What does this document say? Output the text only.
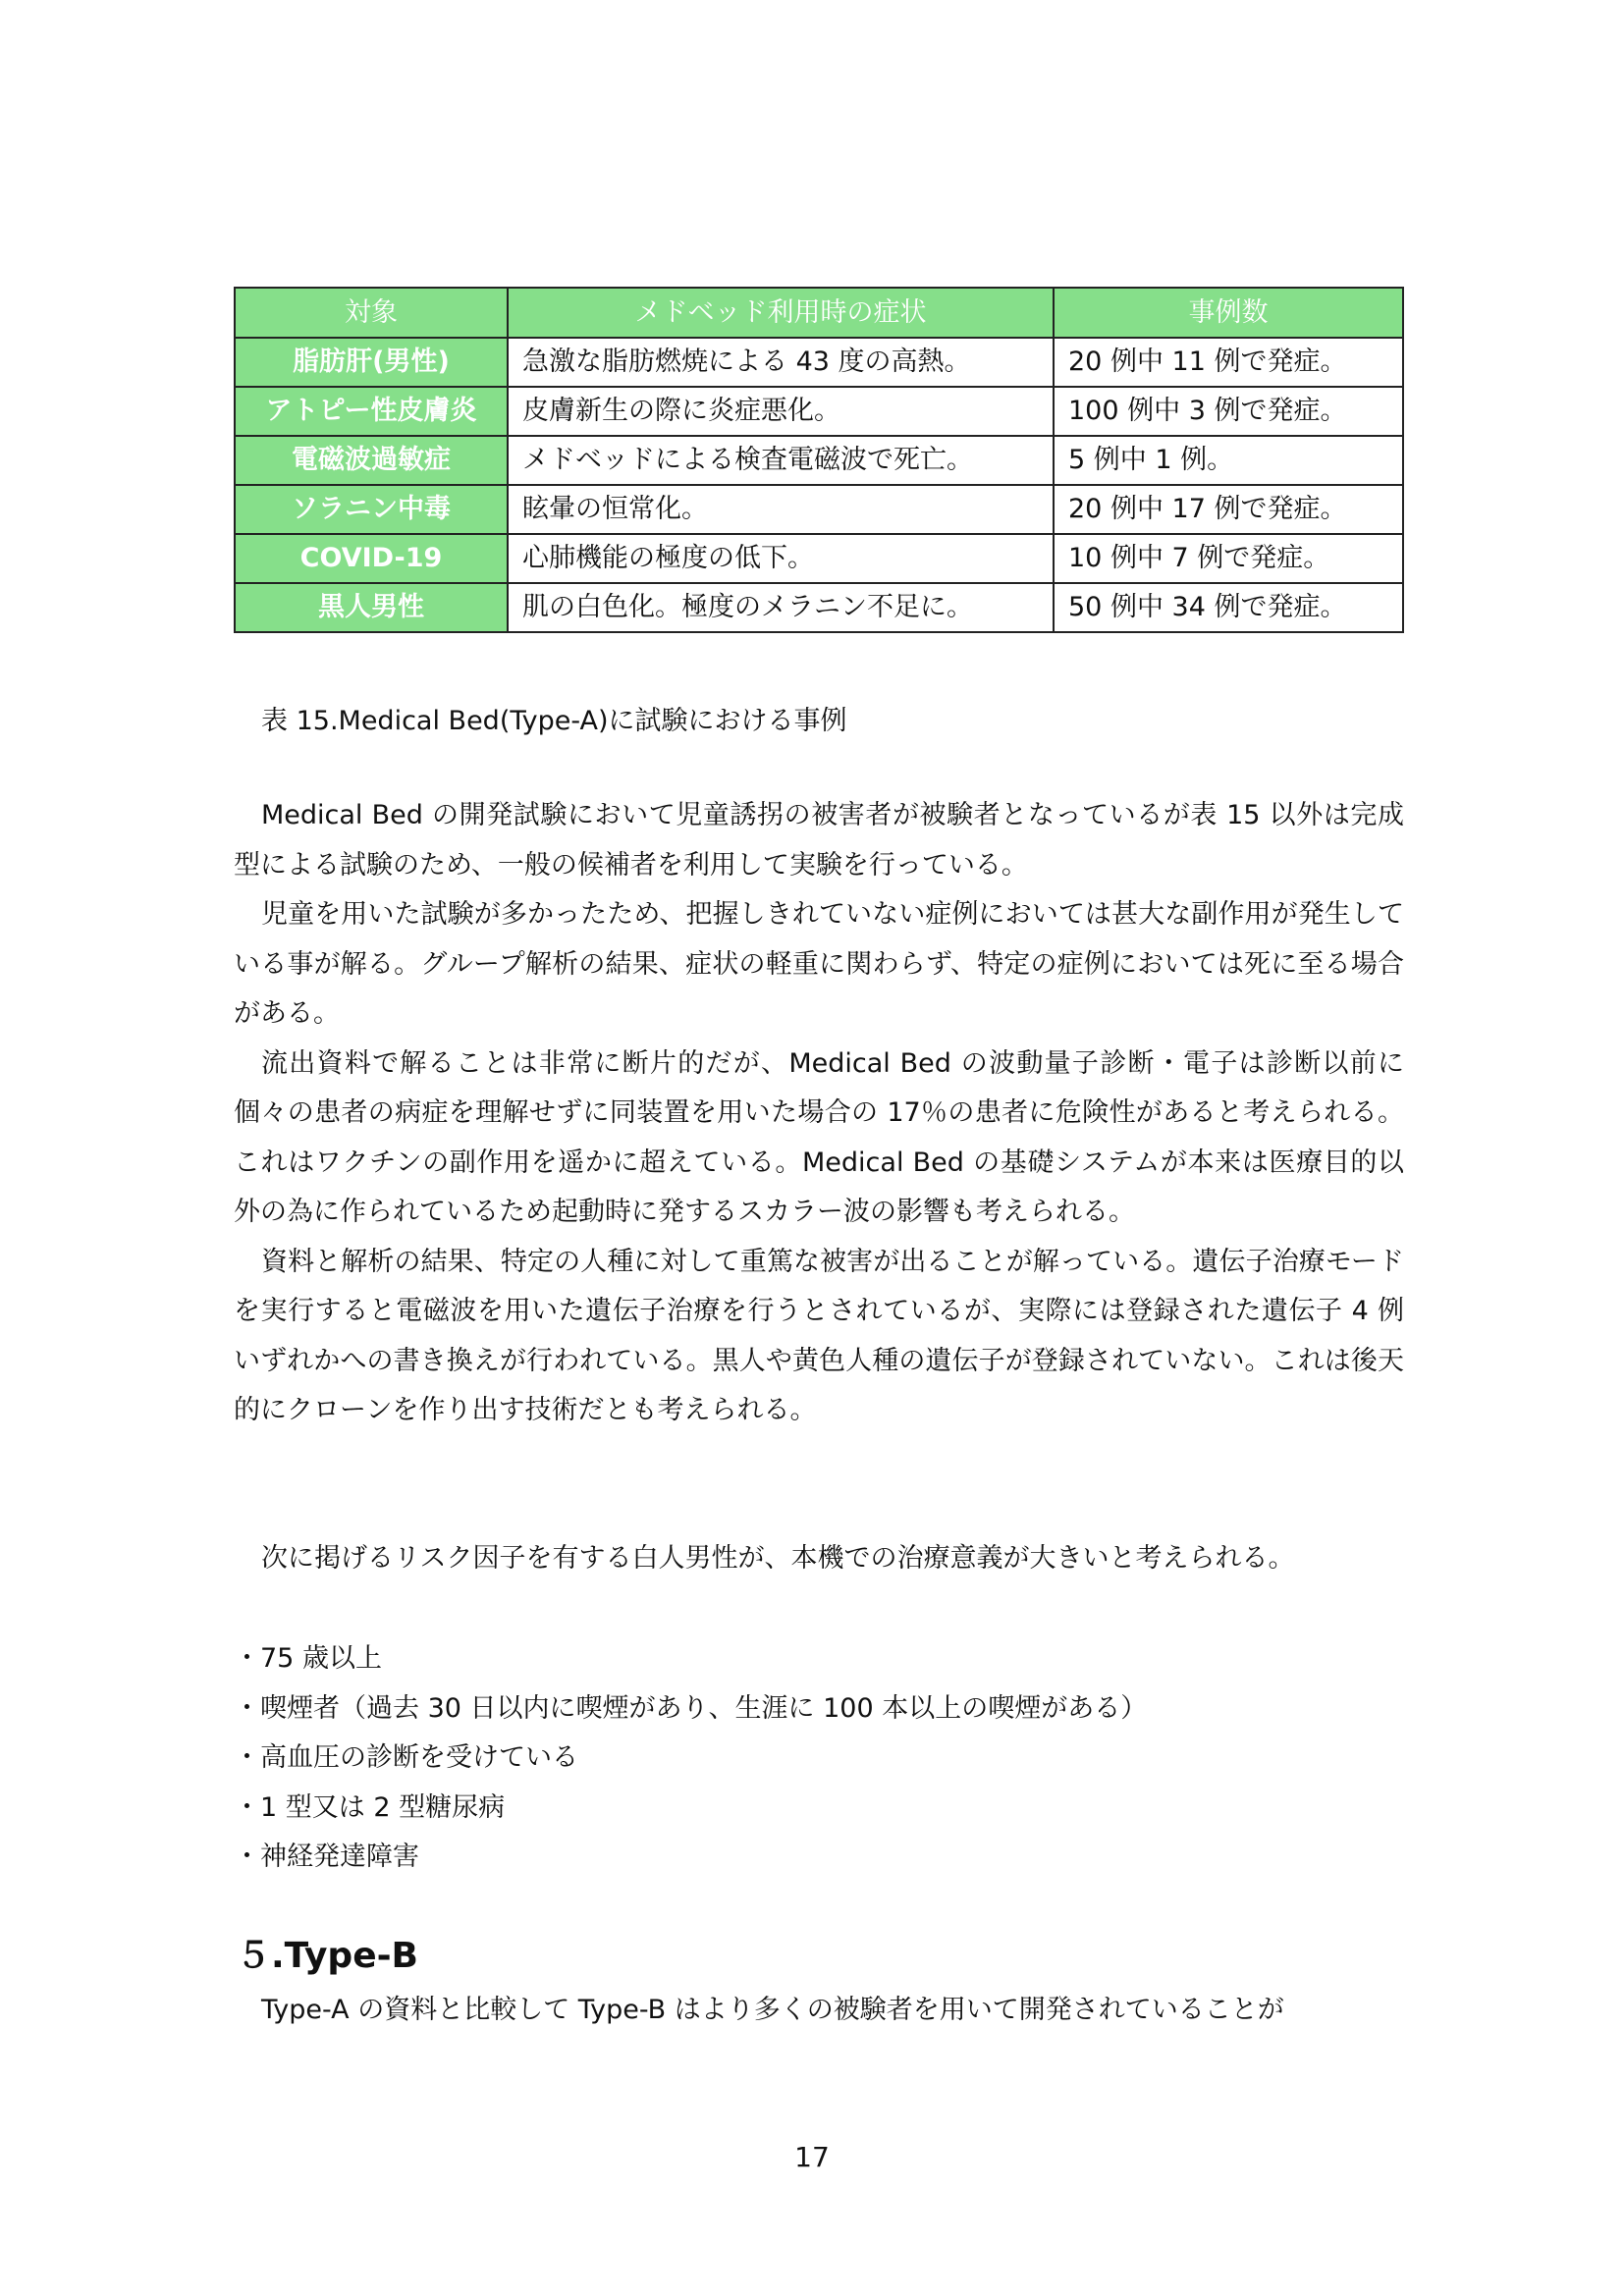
対象	メドベッド利用時の症状	事例数
脂肪肝(男性)	急激な脂肪燃焼による 43 度の高熱。	20 例中 11 例で発症。
アトピー性皮膚炎	皮膚新生の際に炎症悪化。	100 例中 3 例で発症。
電磁波過敏症	メドベッドによる検査電磁波で死亡。	5 例中 1 例。
ソラニン中毒	眩暈の恒常化。	20 例中 17 例で発症。
COVID-19	心肺機能の極度の低下。	10 例中 7 例で発症。
黒人男性	肌の白色化。極度のメラニン不足に。	50 例中 34 例で発症。
表 15.Medical Bed(Type-A)に試験における事例

Medical Bed の開発試験において児童誘拐の被害者が被験者となっているが表 15 以外は完成型による試験のため、一般の候補者を利用して実験を行っている。

児童を用いた試験が多かったため、把握しきれていない症例においては甚大な副作用が発生している事が解る。グループ解析の結果、症状の軽重に関わらず、特定の症例においては死に至る場合がある。

流出資料で解ることは非常に断片的だが、Medical Bed の波動量子診断・電子は診断以前に個々の患者の病症を理解せずに同装置を用いた場合の 17％の患者に危険性があると考えられる。これはワクチンの副作用を遥かに超えている。Medical Bed の基礎システムが本来は医療目的以外の為に作られているため起動時に発するスカラー波の影響も考えられる。

資料と解析の結果、特定の人種に対して重篤な被害が出ることが解っている。遺伝子治療モードを実行すると電磁波を用いた遺伝子治療を行うとされているが、実際には登録された遺伝子 4 例いずれかへの書き換えが行われている。黒人や黄色人種の遺伝子が登録されていない。これは後天的にクローンを作り出す技術だとも考えられる。

次に掲げるリスク因子を有する白人男性が、本機での治療意義が大きいと考えられる。

・ 75 歳以上
・ 喫煙者（過去 30 日以内に喫煙があり、生涯に 100 本以上の喫煙がある）
・ 高血圧の診断を受けている
・ 1 型又は 2 型糖尿病
・ 神経発達障害
５.Type-B

Type-A の資料と比較して Type-B はより多くの被験者を用いて開発されていることが

17
